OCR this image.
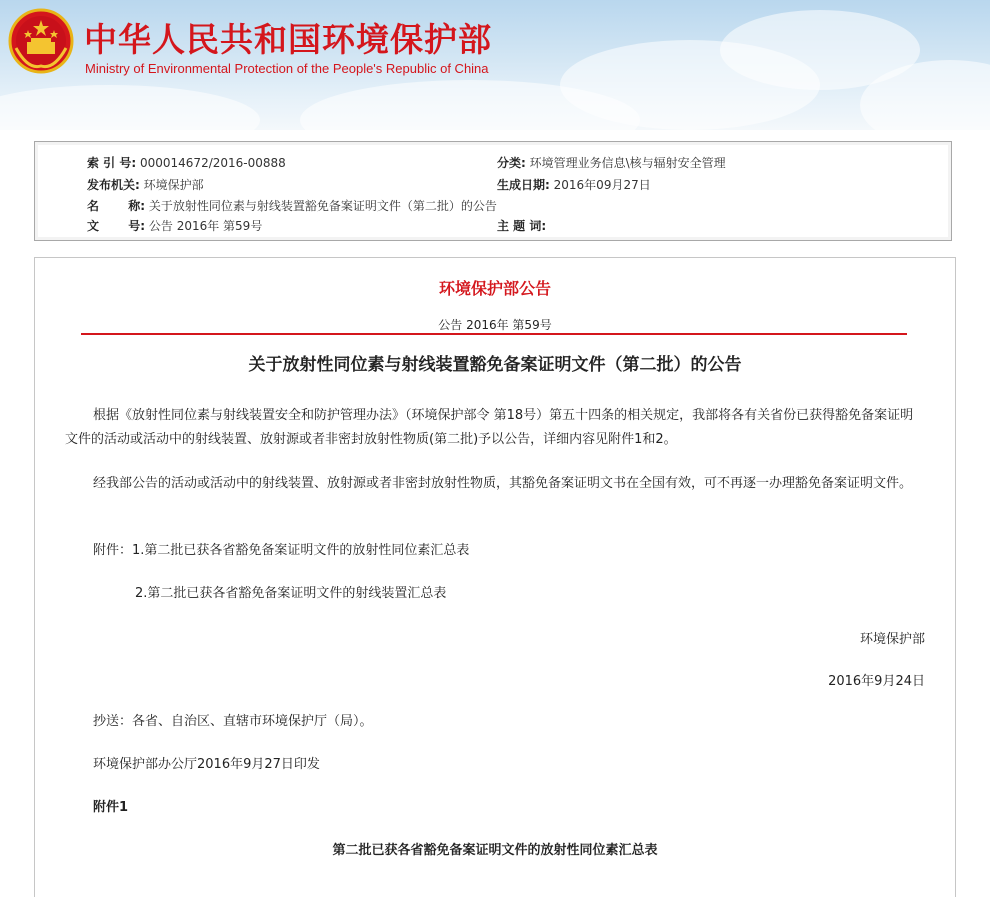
中华人民共和国环境保护部
Ministry of Environmental Protection of the People's Republic of China
索 引 号: 000014672/2016-00888	分类: 环境管理业务信息\核与辐射安全管理
发布机关: 环境保护部	生成日期: 2016年09月27日
名       称: 关于放射性同位素与射线装置豁免备案证明文件（第二批）的公告
文       号: 公告 2016年 第59号	主 题 词:
环境保护部公告
公告 2016年 第59号
关于放射性同位素与射线装置豁免备案证明文件（第二批）的公告
根据《放射性同位素与射线装置安全和防护管理办法》（环境保护部令 第18号）第五十四条的相关规定，我部将各有关省份已获得豁免备案证明文件的活动或活动中的射线装置、放射源或者非密封放射性物质(第二批)予以公告，详细内容见附件1和2。
经我部公告的活动或活动中的射线装置、放射源或者非密封放射性物质，其豁免备案证明文书在全国有效，可不再逐一办理豁免备案证明文件。
附件：1.第二批已获各省豁免备案证明文件的放射性同位素汇总表
2.第二批已获各省豁免备案证明文件的射线装置汇总表
环境保护部
2016年9月24日
抄送：各省、自治区、直辖市环境保护厅（局）。
环境保护部办公厅2016年9月27日印发
附件1
第二批已获各省豁免备案证明文件的放射性同位素汇总表
